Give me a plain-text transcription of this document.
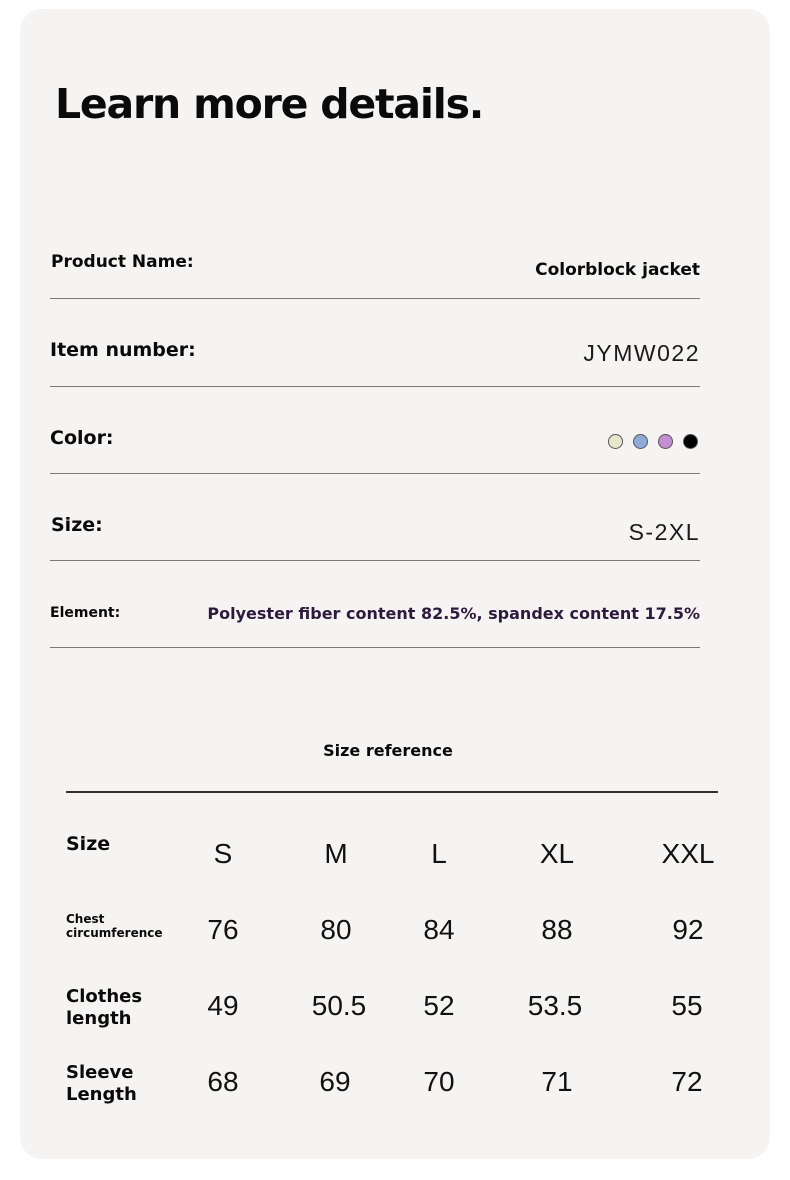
Learn more details.
Product Name:	Colorblock jacket
Item number:	JYMW022
Color:
Size:	S-2XL
Element:	Polyester fiber content 82.5%, spandex content 17.5%
Size reference
Size	S	M	L	XL	XXL
Chest
circumference	76	80	84	88	92
Clothes
length	49	50.5	52	53.5	55
Sleeve
Length	68	69	70	71	72
